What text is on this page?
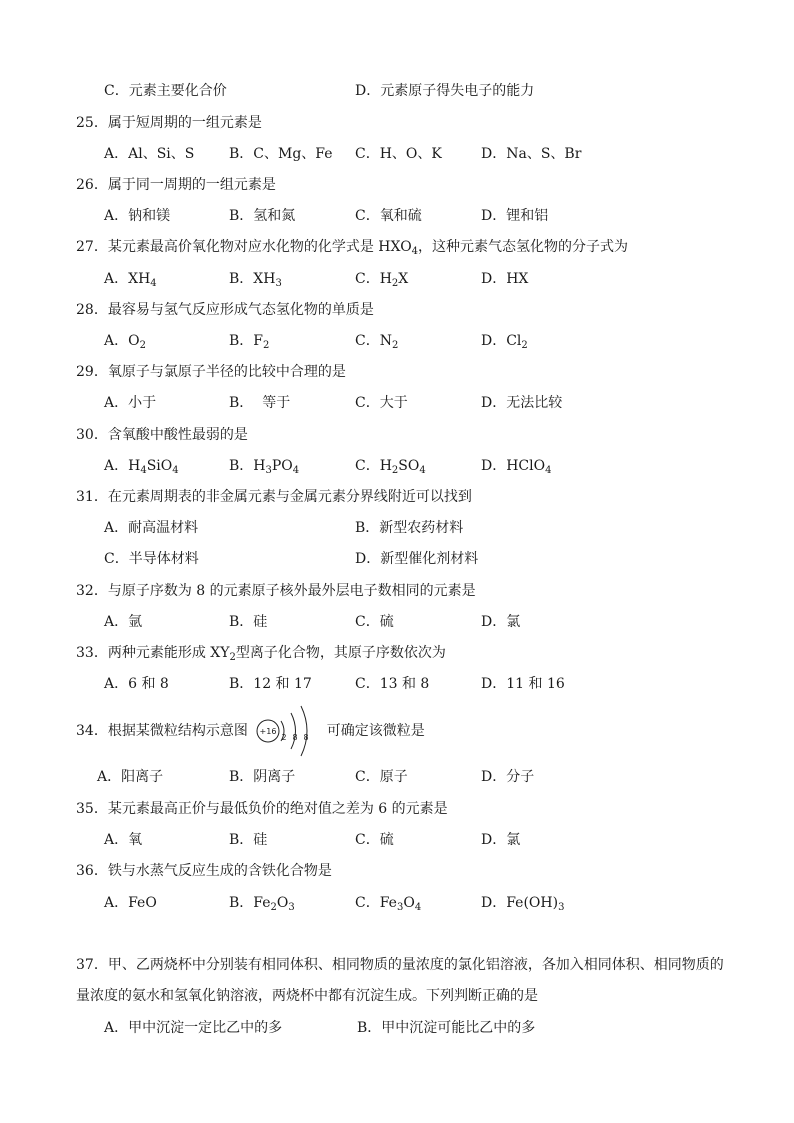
C．元素主要化合价	D．元素原子得失电子的能力
25．属于短周期的一组元素是
A．Al、Si、S B．C、Mg、Fe C．H、O、K	D．Na、S、Br
26．属于同一周期的一组元素是
A．钠和镁	B．氢和氮	C．氧和硫	D．锂和铝
27．某元素最高价氧化物对应水化物的化学式是 $HXO_4$，这种元素气态氢化物的分子式为
A．$XH_4$	B．$XH_3$	C．$H_2X$	D．HX
28．最容易与氢气反应形成气态氢化物的单质是
A．$O_2$	B．$F_2$	C．$N_2$	D．$Cl_2$
29．氧原子与氯原子半径的比较中合理的是
A．小于	B．  等于	C．大于	D．无法比较
30．含氧酸中酸性最弱的是
A．$H_4SiO_4$	B．$H_3PO_4$	C．$H_2SO_4$	D．HClO$_4$
31．在元素周期表的非金属元素与金属元素分界线附近可以找到
A．耐高温材料	B．新型农药材料
C．半导体材料	D．新型催化剂材料
32．与原子序数为 8 的元素原子核外最外层电子数相同的元素是
A．氩	B．硅	C．硫	D．氯
33．两种元素能形成 $XY_2$型离子化合物，其原子序数依次为
A．6 和 8	B．12 和 17	C．13 和 8	D．11 和 16
34．根据某微粒结构示意图 +16
2 8 8 可确定该微粒是
A．阳离子	B．阴离子	C．原子	D．分子
35．某元素最高正价与最低负价的绝对值之差为 6 的元素是
A．氧	B．硅	C．硫	D．氯
36．铁与水蒸气反应生成的含铁化合物是
A．FeO	B．$Fe_2O_3$	C．$Fe_3O_4$	D．$Fe(OH)_3$
37．甲、乙两烧杯中分别装有相同体积、相同物质的量浓度的氯化铝溶液，各加入相同体积、相同物质的
量浓度的氨水和氢氧化钠溶液，两烧杯中都有沉淀生成。下列判断正确的是
A．甲中沉淀一定比乙中的多	B．甲中沉淀可能比乙中的多
